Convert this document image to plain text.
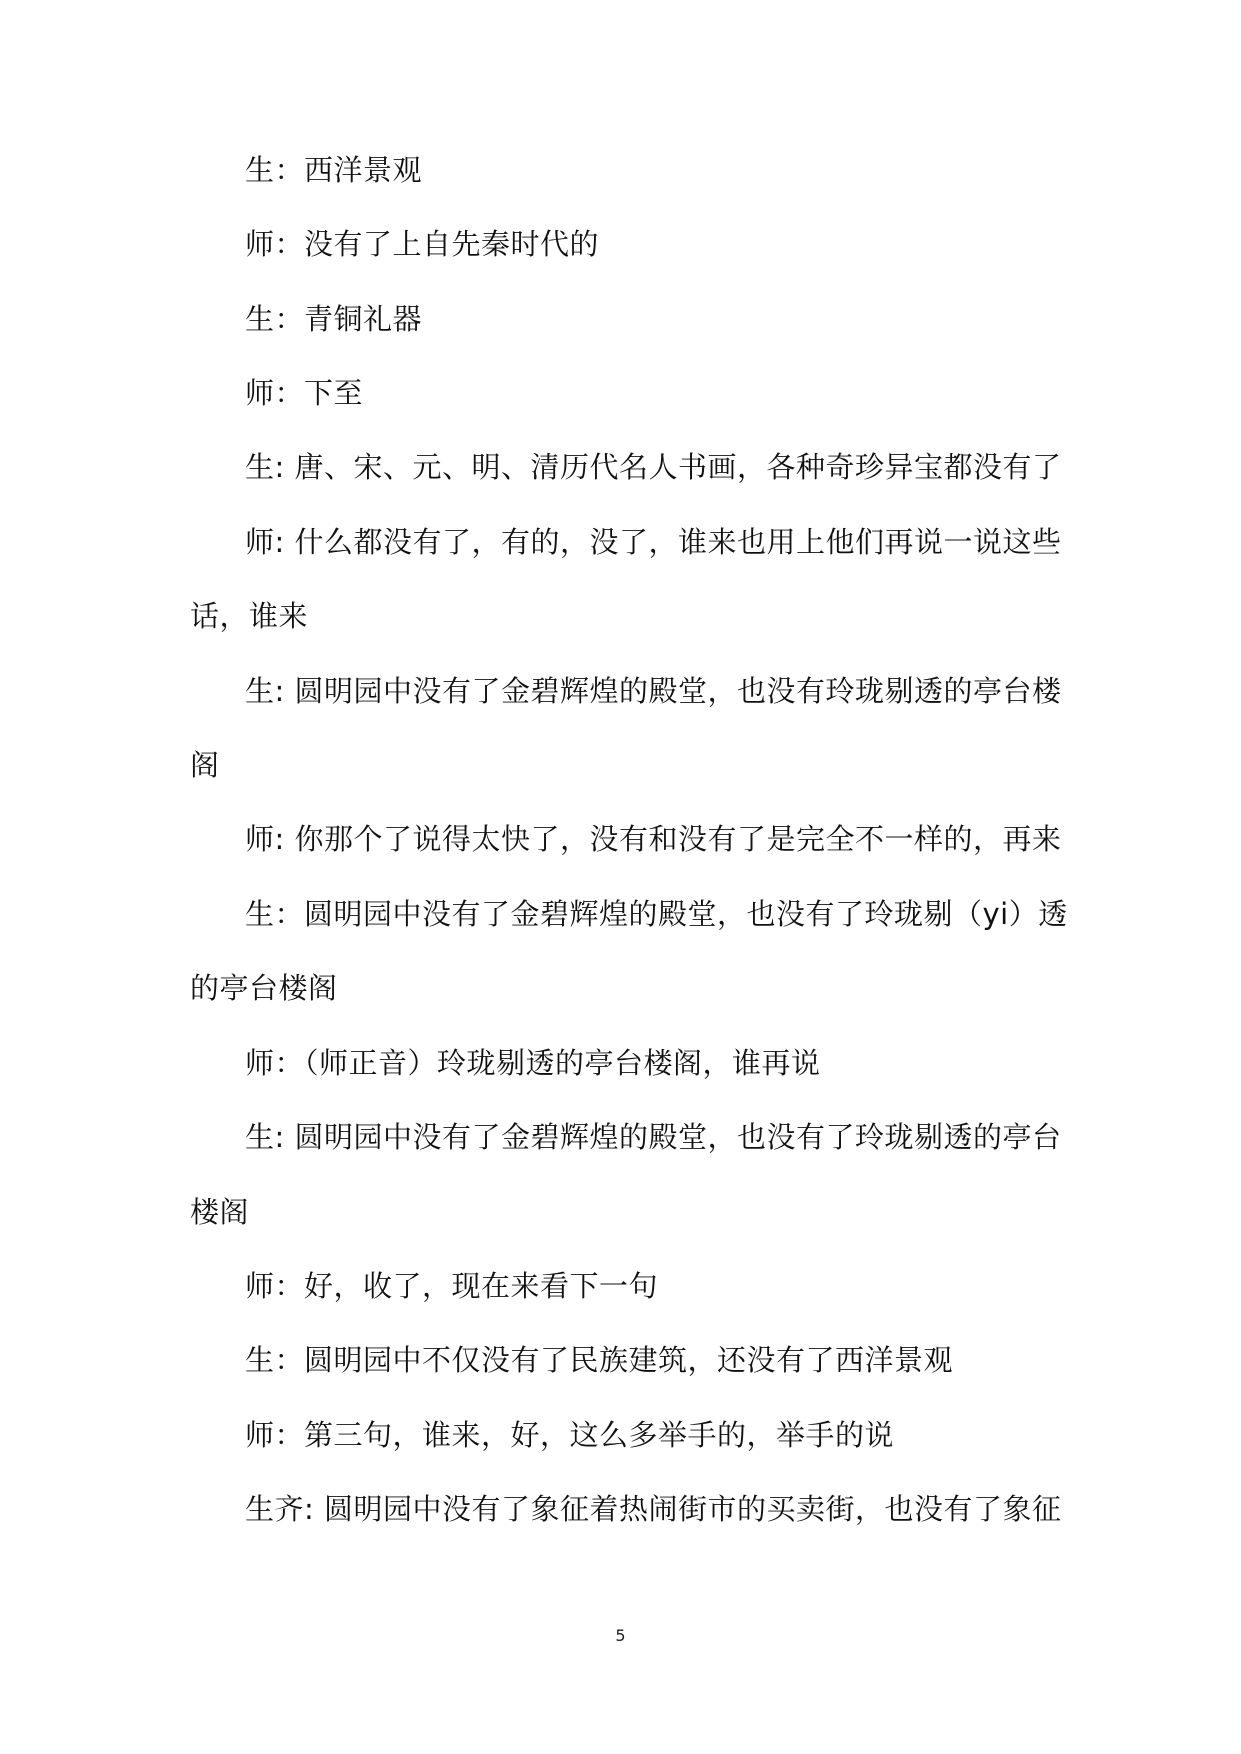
生：西洋景观
师：没有了上自先秦时代的
生：青铜礼器
师：下至
生: 唐、宋、元、明、清历代名人书画，各种奇珍异宝都没有了
师: 什么都没有了，有的，没了，谁来也用上他们再说一说这些
话，谁来
生: 圆明园中没有了金碧辉煌的殿堂，也没有玲珑剔透的亭台楼
阁
师: 你那个了说得太快了，没有和没有了是完全不一样的，再来
生：圆明园中没有了金碧辉煌的殿堂，也没有了玲珑剔（yi）透
的亭台楼阁
师：（师正音）玲珑剔透的亭台楼阁，谁再说
生: 圆明园中没有了金碧辉煌的殿堂，也没有了玲珑剔透的亭台
楼阁
师：好，收了，现在来看下一句
生：圆明园中不仅没有了民族建筑，还没有了西洋景观
师：第三句，谁来，好，这么多举手的，举手的说
生齐: 圆明园中没有了象征着热闹街市的买卖街，也没有了象征
5
